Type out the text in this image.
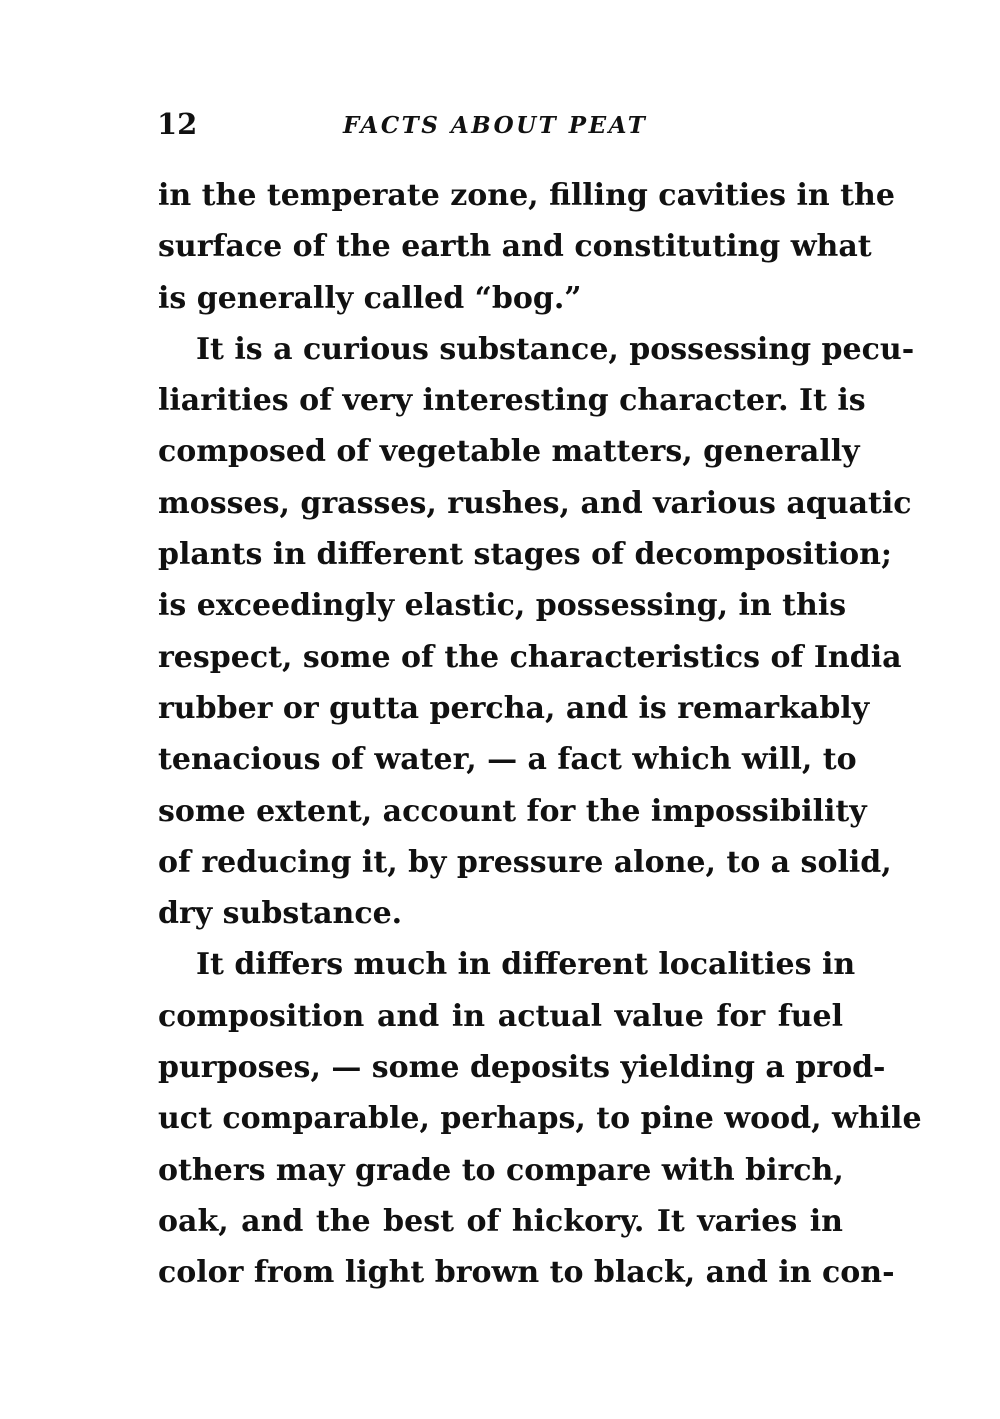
12	FACTS ABOUT PEAT
in the temperate zone, filling cavities in the
surface of the earth and constituting what
is generally called “bog.”
It is a curious substance, possessing pecu-
liarities of very interesting character. It is
composed of vegetable matters, generally
mosses, grasses, rushes, and various aquatic
plants in different stages of decomposition;
is exceedingly elastic, possessing, in this
respect, some of the characteristics of India
rubber or gutta percha, and is remarkably
tenacious of water, — a fact which will, to
some extent, account for the impossibility
of reducing it, by pressure alone, to a solid,
dry substance.
It differs much in different localities in
composition and in actual value for fuel
purposes, — some deposits yielding a prod-
uct comparable, perhaps, to pine wood, while
others may grade to compare with birch,
oak, and the best of hickory. It varies in
color from light brown to black, and in con-
